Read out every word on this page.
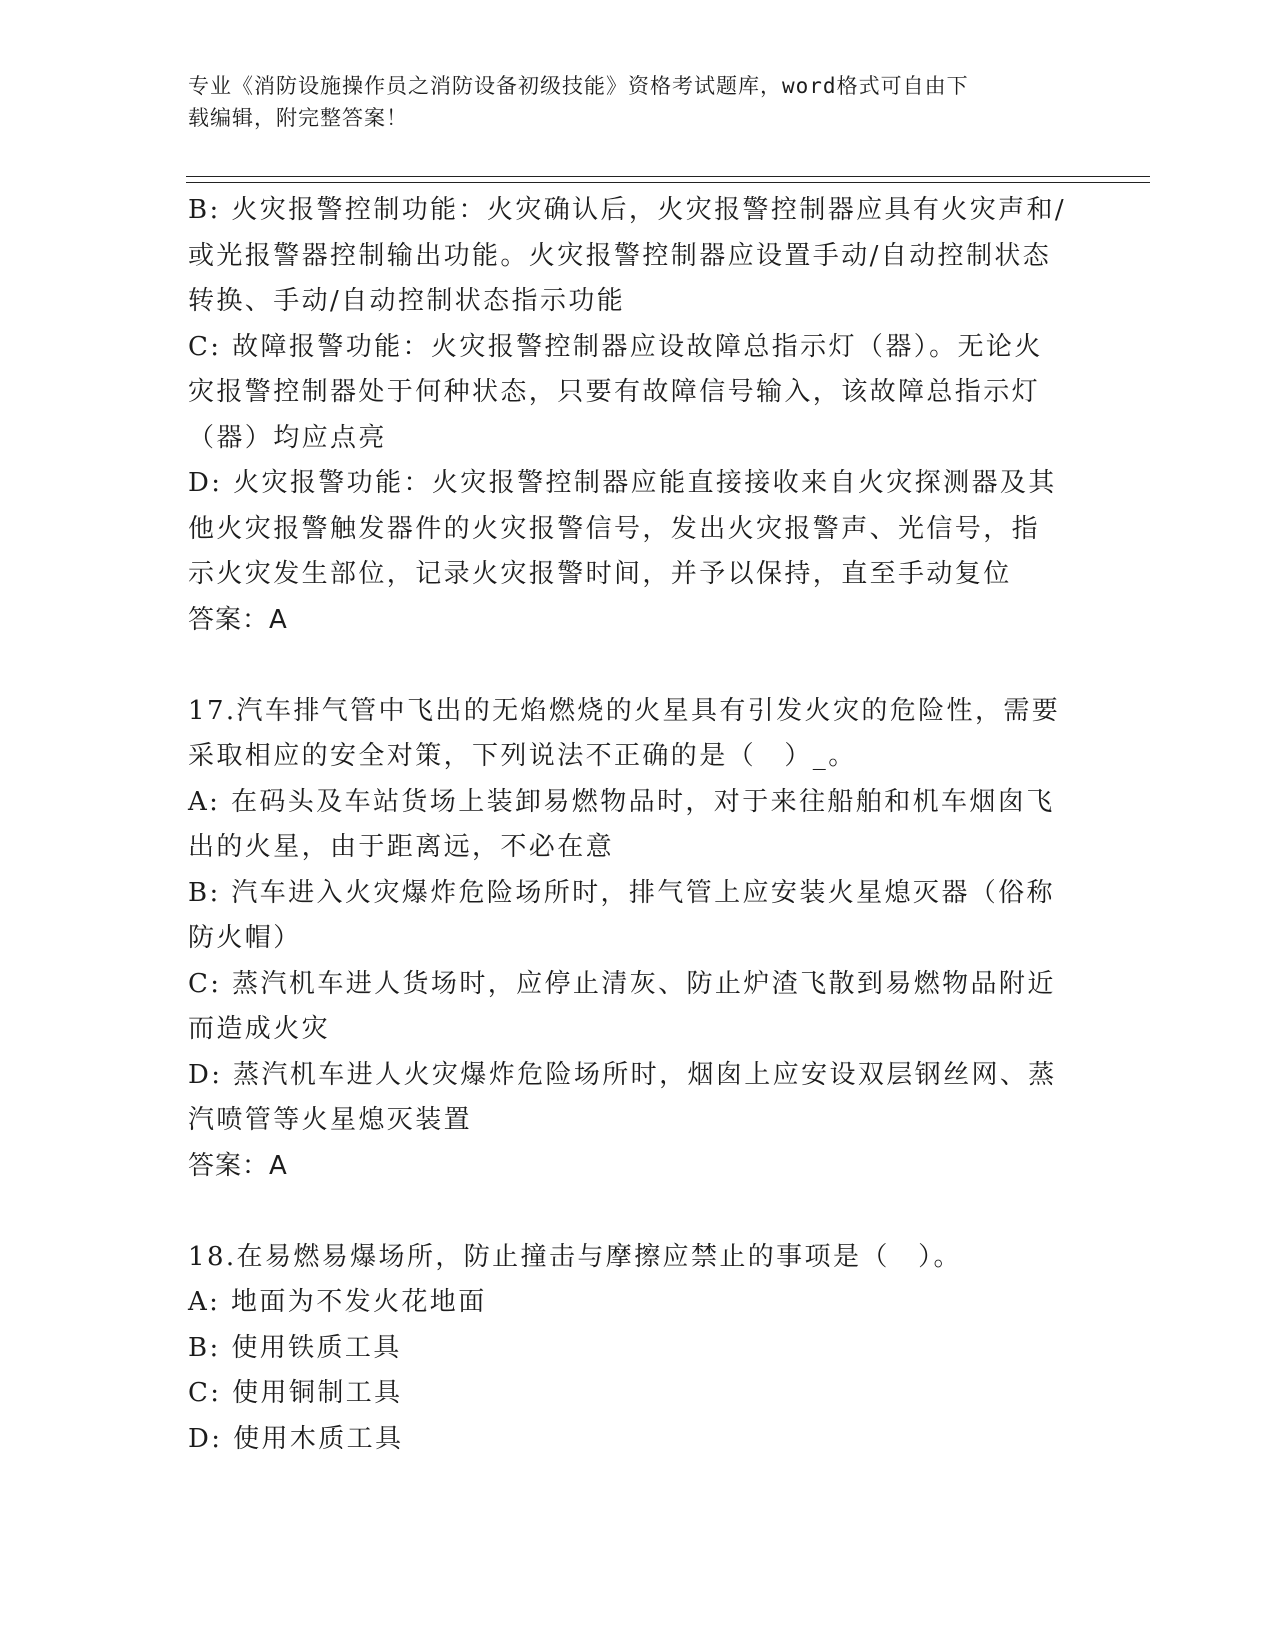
专业《消防设施操作员之消防设备初级技能》资格考试题库，word格式可自由下
载编辑，附完整答案！

B: 火灾报警控制功能：火灾确认后，火灾报警控制器应具有火灾声和/或光报警器控制输出功能。火灾报警控制器应设置手动/自动控制状态转换、手动/自动控制状态指示功能

C: 故障报警功能：火灾报警控制器应设故障总指示灯（器）。无论火灾报警控制器处于何种状态，只要有故障信号输入，该故障总指示灯（器）均应点亮

D: 火灾报警功能：火灾报警控制器应能直接接收来自火灾探测器及其他火灾报警触发器件的火灾报警信号，发出火灾报警声、光信号，指示火灾发生部位，记录火灾报警时间，并予以保持，直至手动复位

答案：A

17.汽车排气管中飞出的无焰燃烧的火星具有引发火灾的危险性，需要采取相应的安全对策，下列说法不正确的是（　）_。

A: 在码头及车站货场上装卸易燃物品时，对于来往船舶和机车烟囱飞出的火星，由于距离远，不必在意

B: 汽车进入火灾爆炸危险场所时，排气管上应安装火星熄灭器（俗称防火帽）

C: 蒸汽机车进人货场时，应停止清灰、防止炉渣飞散到易燃物品附近而造成火灾

D: 蒸汽机车进人火灾爆炸危险场所时，烟囱上应安设双层钢丝网、蒸汽喷管等火星熄灭装置

答案：A

18.在易燃易爆场所，防止撞击与摩擦应禁止的事项是（　）。

A: 地面为不发火花地面

B: 使用铁质工具

C: 使用铜制工具

D: 使用木质工具
